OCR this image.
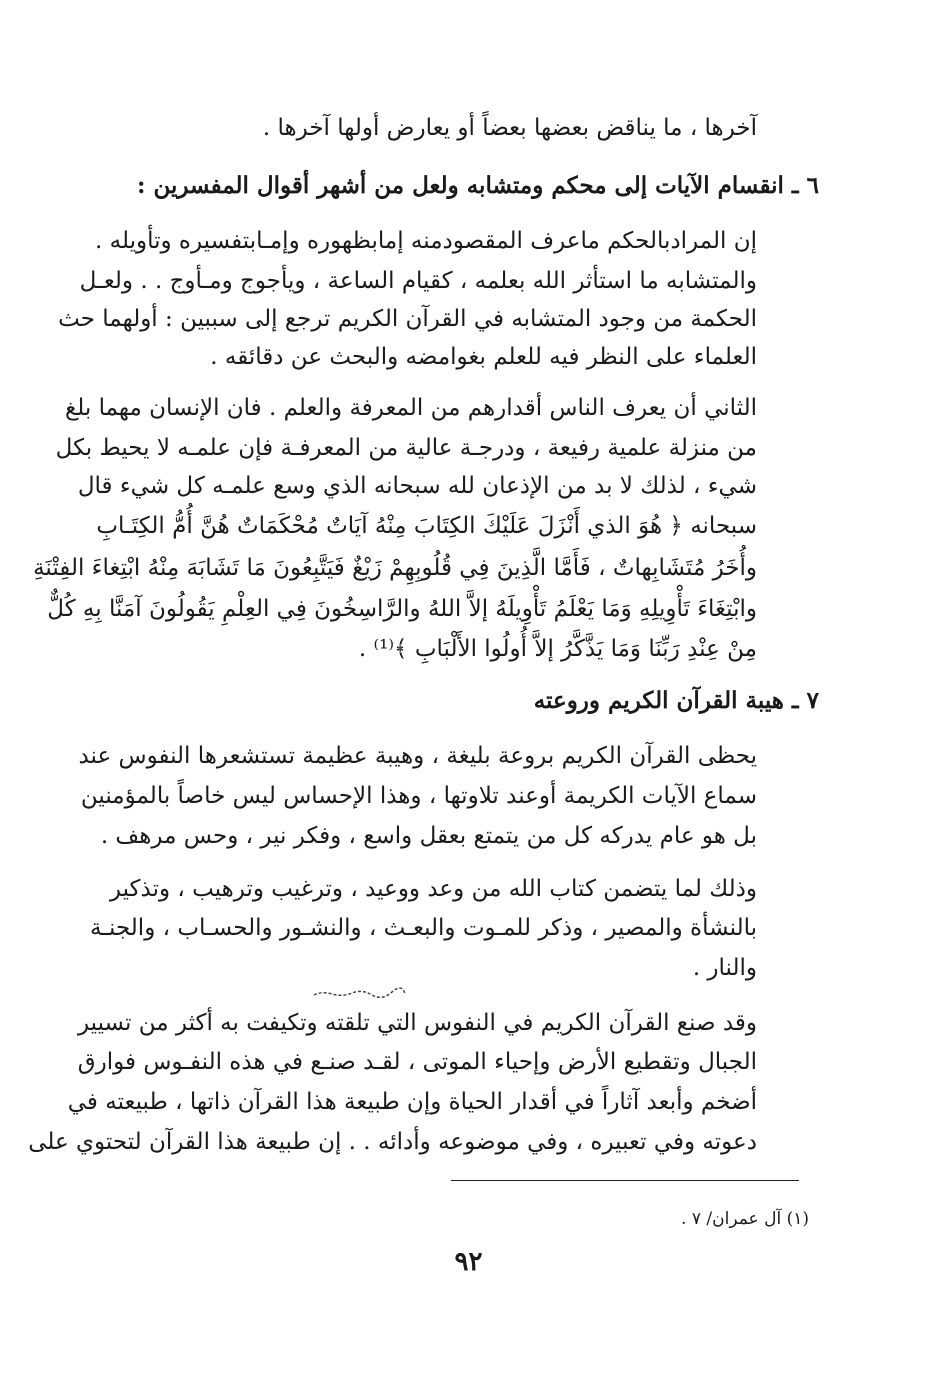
آخرها ، ما يناقض بعضها بعضاً أو يعارض أولها آخرها .
٦ ـ انقسام الآيات إلى محكم ومتشابه ولعل من أشهر أقوال المفسرين :
إن المرادبالحكم ماعرف المقصودمنه إمابظهوره وإمـابتفسيره وتأويله .
والمتشابه ما استأثر الله بعلمه ، كقيام الساعة ، ويأجوج ومـأوج . . ولعـل
الحكمة من وجود المتشابه في القرآن الكريم ترجع إلى سببين : أولهما حث
العلماء على النظر فيه للعلم بغوامضه والبحث عن دقائقه .
الثاني أن يعرف الناس أقدارهم من المعرفة والعلم . فان الإنسان مهما بلغ
من منزلة علمية رفيعة ، ودرجـة عالية من المعرفـة فإن علمـه لا يحيط بكل
شيء ، لذلك لا بد من الإذعان لله سبحانه الذي وسع علمـه كل شيء قال
سبحانه ﴿ هُوَ الذي أَنْزَلَ عَلَيْكَ الكِتَابَ مِنْهُ آيَاتٌ مُحْكَمَاتٌ هُنَّ أُمُّ الكِتَـابِ
وأُخَرُ مُتَشَابِهاتٌ ، فَأَمَّا الَّذِينَ فِي قُلُوبِهِمْ زَيْغٌ فَيَتَّبِعُونَ مَا تَشَابَهَ مِنْهُ ابْتِغاءَ الفِتْنَةِ
وابْتِغَاءَ تَأْوِيلِهِ وَمَا يَعْلَمُ تَأْوِيلَهُ إلاَّ اللهُ والرَّاسِخُونَ فِي العِلْمِ يَقُولُونَ آمَنَّا بِهِ كُلٌّ
مِنْ عِنْدِ رَبِّنَا وَمَا يَذَّكَّرُ إلاَّ أُولُوا الأَلْبَابِ ﴾⁽¹⁾ .
٧ ـ هيبة القرآن الكريم وروعته
يحظى القرآن الكريم بروعة بليغة ، وهيبة عظيمة تستشعرها النفوس عند
سماع الآيات الكريمة أوعند تلاوتها ، وهذا الإحساس ليس خاصاً بالمؤمنين
بل هو عام يدركه كل من يتمتع بعقل واسع ، وفكر نير ، وحس مرهف .
وذلك لما يتضمن كتاب الله من وعد ووعيد ، وترغيب وترهيب ، وتذكير
بالنشأة والمصير ، وذكر للمـوت والبعـث ، والنشـور والحسـاب ، والجنـة
والنار .
وقد صنع القرآن الكريم في النفوس التي تلقته وتكيفت به أكثر من تسيير
الجبال وتقطيع الأرض وإحياء الموتى ، لقـد صنـع في هذه النفـوس فوارق
أضخم وأبعد آثاراً في أقدار الحياة وإن طبيعة هذا القرآن ذاتها ، طبيعته في
دعوته وفي تعبيره ، وفي موضوعه وأدائه . . إن طبيعة هذا القرآن لتحتوي على
(١) آل عمران/ ٧ .
٩٢
